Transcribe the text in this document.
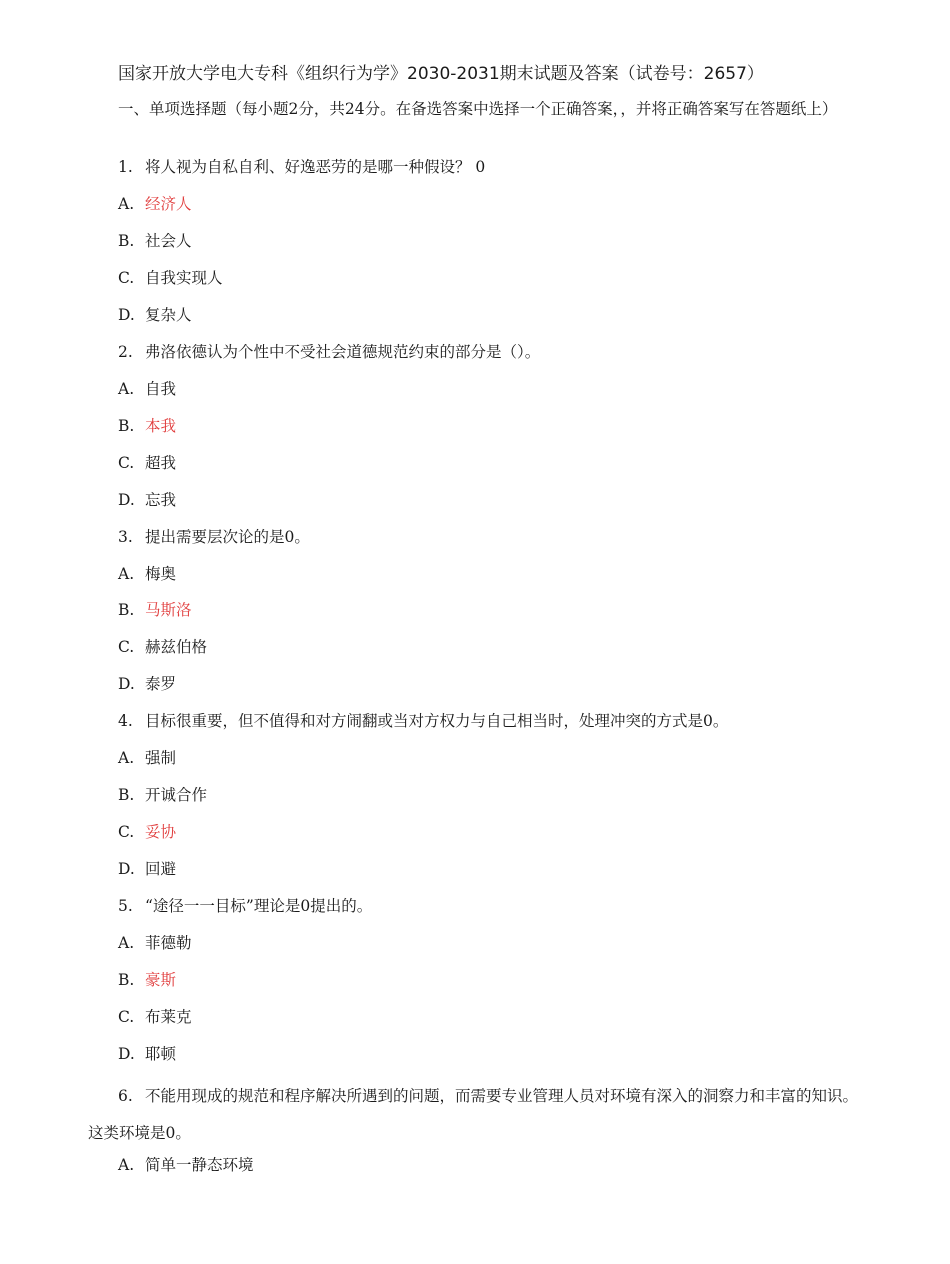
国家开放大学电大专科《组织行为学》2030-2031期末试题及答案（试卷号：2657）
一、单项选择题（每小题2分，共24分。在备选答案中选择一个正确答案，，并将正确答案写在答题纸上）
1. 将人视为自私自利、好逸恶劳的是哪一种假设？ 0
A. 经济人
B. 社会人
C. 自我实现人
D. 复杂人
2. 弗洛依德认为个性中不受社会道德规范约束的部分是（）。
A. 自我
B. 本我
C. 超我
D. 忘我
3. 提出需要层次论的是0。
A. 梅奥
B. 马斯洛
C. 赫兹伯格
D. 泰罗
4. 目标很重要，但不值得和对方闹翻或当对方权力与自己相当时，处理冲突的方式是0。
A. 强制
B. 开诚合作
C. 妥协
D. 回避
5. “途径一一目标”理论是0提出的。
A. 菲德勒
B. 豪斯
C. 布莱克
D. 耶顿
6. 不能用现成的规范和程序解决所遇到的问题，而需要专业管理人员对环境有深入的洞察力和丰富的知识。这类环境是0。
A. 简单一静态环境
